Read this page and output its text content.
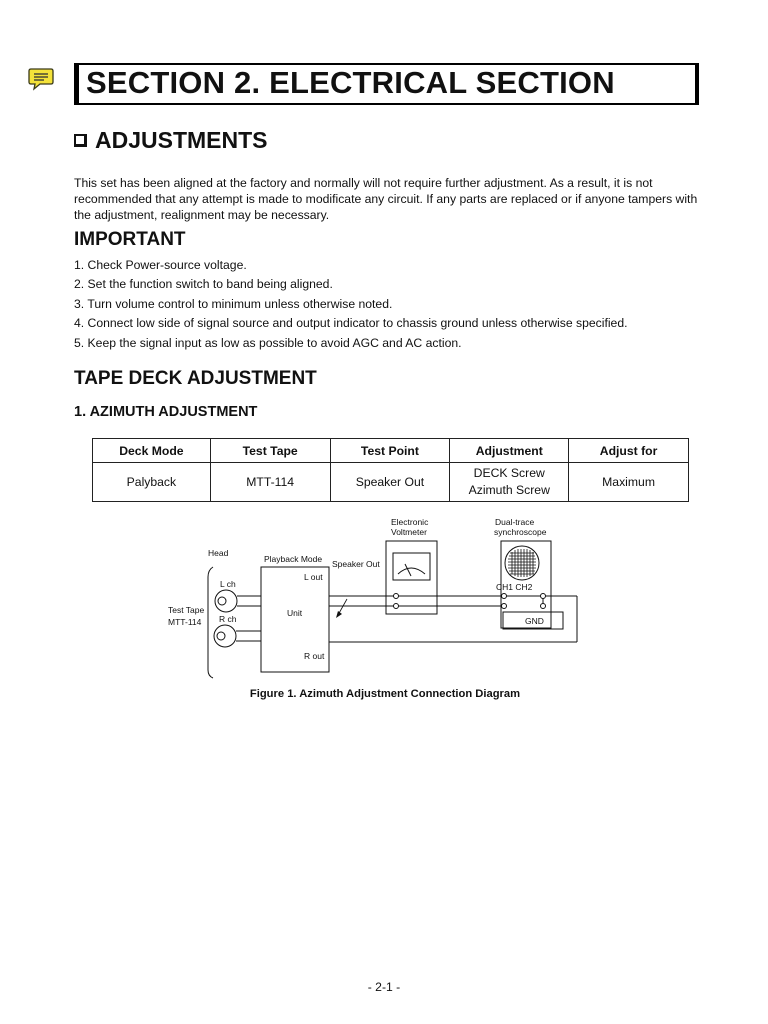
SECTION 2. ELECTRICAL SECTION
ADJUSTMENTS

This set has been aligned at the factory and normally will not require further adjustment. As a result, it is not recommended that any attempt is made to modificate any circuit. If any parts are replaced or if anyone tampers with the adjustment, realignment may be necessary.

IMPORTANT
1. Check Power-source voltage.
2. Set the function switch to band being aligned.
3. Turn volume control to minimum unless otherwise noted.
4. Connect low side of signal source and output indicator to chassis ground unless otherwise specified.
5. Keep the signal input as low as possible to avoid AGC and AC action.
TAPE DECK ADJUSTMENT
1. AZIMUTH ADJUSTMENT
Deck Mode	Test Tape	Test Point	Adjustment	Adjust for
Palyback	MTT-114	Speaker Out	DECK Screw
Azimuth Screw	Maximum
Head
Playback Mode Speaker Out
Electronic
Voltmeter
Dual-trace
synchroscope
L ch
R ch
Test Tape
MTT-114
L out
Unit
R out
CH1 CH2
GND
Figure 1. Azimuth Adjustment Connection Diagram
- 2-1 -
